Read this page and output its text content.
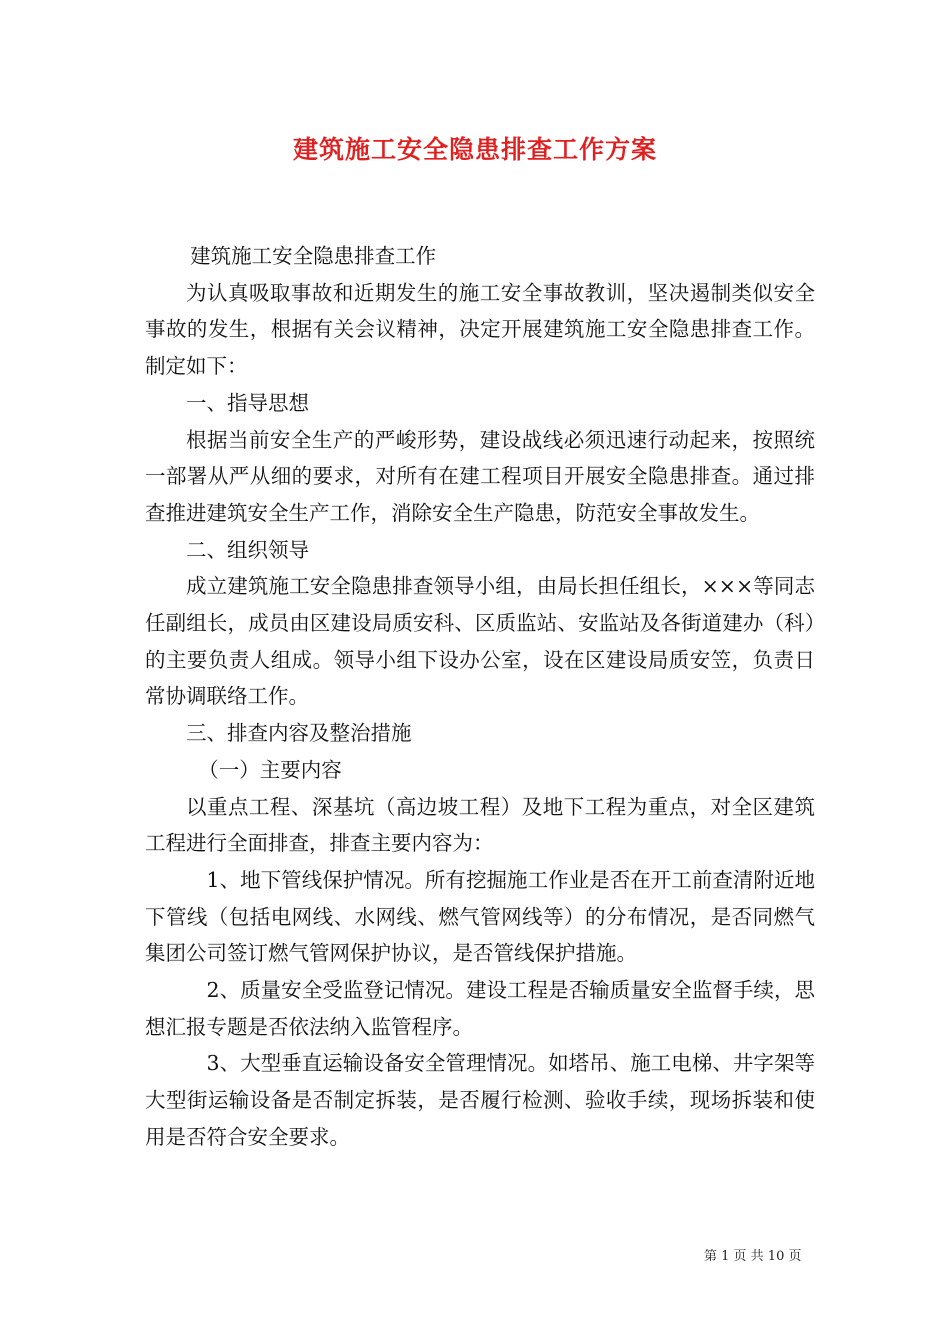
建筑施工安全隐患排查工作方案

建筑施工安全隐患排查工作

为认真吸取事故和近期发生的施工安全事故教训，坚决遏制类似安全事故的发生，根据有关会议精神，决定开展建筑施工安全隐患排查工作。制定如下：

一、指导思想

根据当前安全生产的严峻形势，建设战线必须迅速行动起来，按照统一部署从严从细的要求，对所有在建工程项目开展安全隐患排查。通过排查推进建筑安全生产工作，消除安全生产隐患，防范安全事故发生。

二、组织领导

成立建筑施工安全隐患排查领导小组，由局长担任组长，×××等同志任副组长，成员由区建设局质安科、区质监站、安监站及各街道建办（科）的主要负责人组成。领导小组下设办公室，设在区建设局质安笠，负责日常协调联络工作。

三、排查内容及整治措施

（一）主要内容

以重点工程、深基坑（高边坡工程）及地下工程为重点，对全区建筑工程进行全面排查，排查主要内容为：

1、地下管线保护情况。所有挖掘施工作业是否在开工前查清附近地下管线（包括电网线、水网线、燃气管网线等）的分布情况，是否同燃气集团公司签订燃气管网保护协议，是否管线保护措施。

2、质量安全受监登记情况。建设工程是否输质量安全监督手续，思想汇报专题是否依法纳入监管程序。

3、大型垂直运输设备安全管理情况。如塔吊、施工电梯、井字架等大型街运输设备是否制定拆装，是否履行检测、验收手续，现场拆装和使用是否符合安全要求。

第 1 页 共 10 页
